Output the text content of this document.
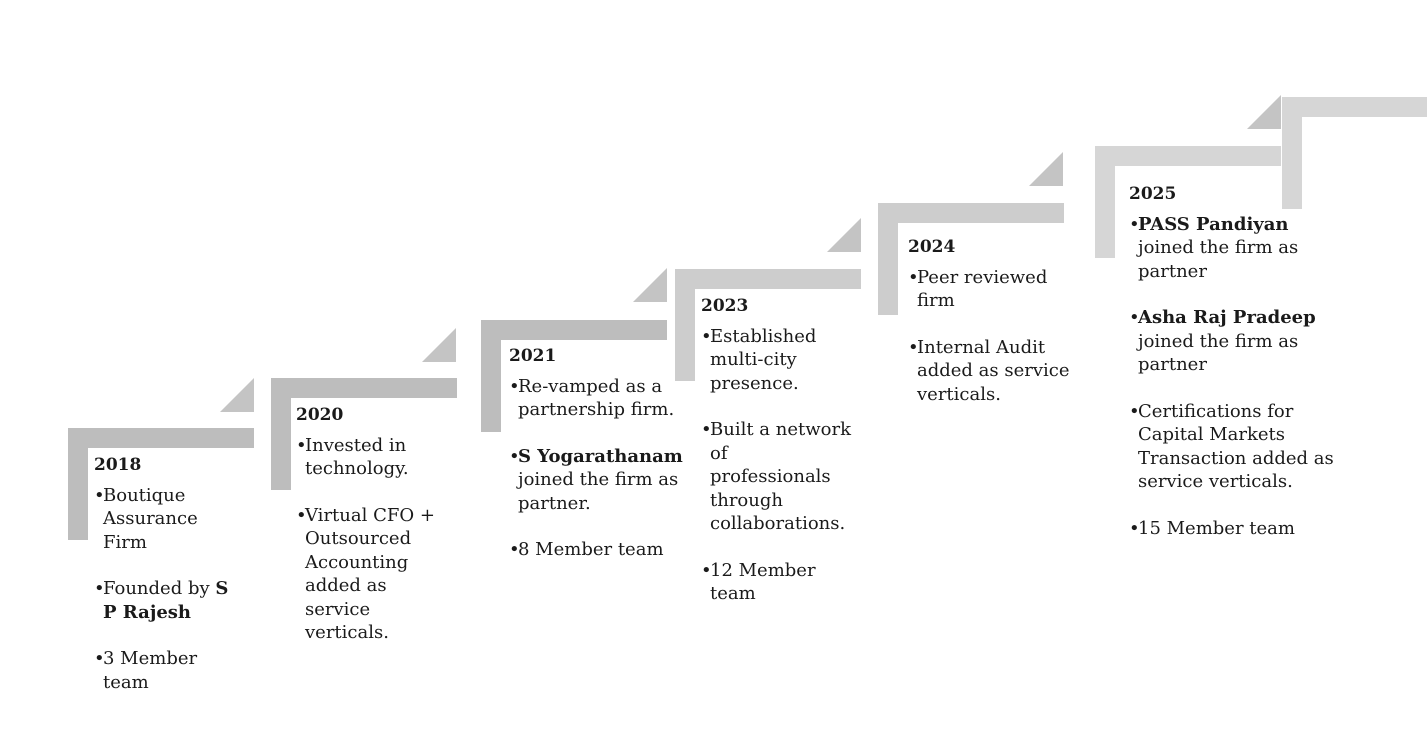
2018
•
Boutique Assurance Firm
•
Founded by S P Rajesh
•
3 Member team
2020
•
Invested in technology.
•
Virtual CFO + Outsourced Accounting added as service verticals.
2021
•
Re-vamped as a partnership firm.
•
S Yogarathanam joined the firm as partner.
•
8 Member team
2023
•
Established multi-city presence.
•
Built a network of professionals through collaborations.
•
12 Member team
2024
•
Peer reviewed firm
•
Internal Audit added as service verticals.
2025
•
PASS Pandiyan joined the firm as partner
•
Asha Raj Pradeep joined the firm as partner
•
Certifications for Capital Markets Transaction added as service verticals.
•
15 Member team
